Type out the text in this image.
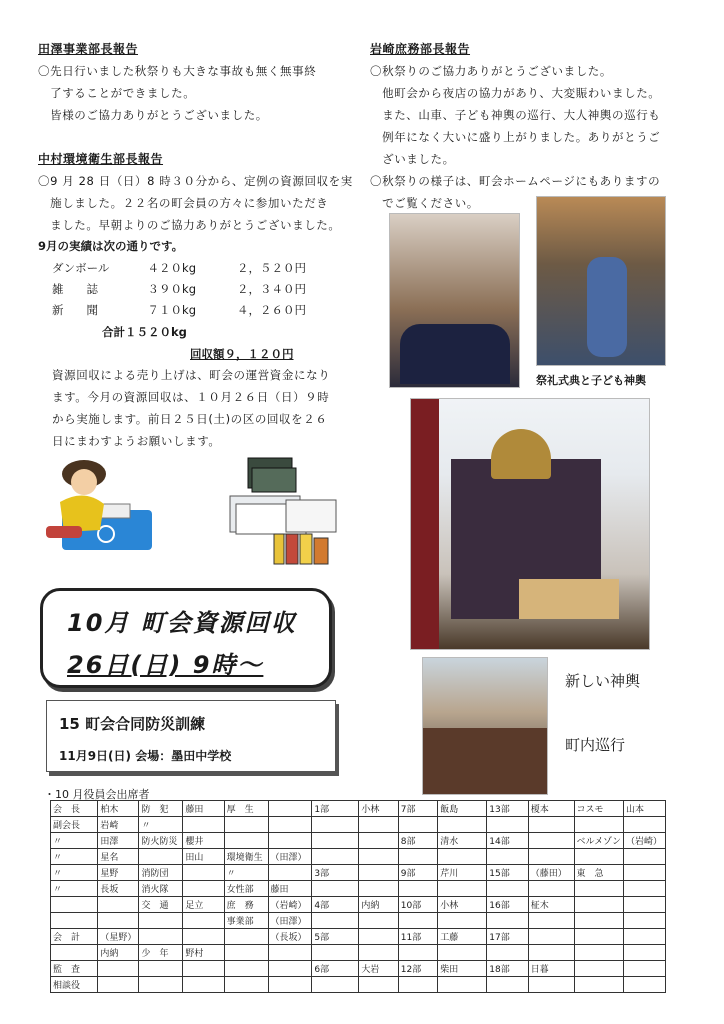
田澤事業部長報告
〇先日行いました秋祭りも大きな事故も無く無事終
　了することができました。
　皆様のご協力ありがとうございました。
中村環境衛生部長報告
〇9 月 28 日（日）8 時３０分から、定例の資源回収を実
　施しました。２２名の町会員の方々に参加いただき
　ました。早朝よりのご協力ありがとうございました。
9月の実績は次の通りです。
ダンボール	４２０kg	２，５２０円
雑　　誌	３９０kg	２，３４０円
新　　聞	７１０kg	４，２６０円
合計１５２０kg
回収額９，１２０円
資源回収による売り上げは、町会の運営資金になり
ます。今月の資源回収は、１０月２６日（日）９時
から実施します。前日２５日(土)の区の回収を２６
日にまわすようお願いします。
10月 町会資源回収
26日(日) 9時～
15 町会合同防災訓練
11月9日(日) 会場：墨田中学校
岩崎庶務部長報告
〇秋祭りのご協力ありがとうございました。
　他町会から夜店の協力があり、大変賑わいました。
　また、山車、子ども神輿の巡行、大人神輿の巡行も
　例年になく大いに盛り上がりました。ありがとうご
　ざいました。
〇秋祭りの様子は、町会ホームページにもありますの
　でご覧ください。
祭礼式典と子ども神輿
新しい神輿
町内巡行
・10 月役員会出席者
会　長	柏木	防　犯	藤田	厚　生		1部	小林	7部	飯島	13部	榎本	コスモ	山本
副会長	岩崎	〃											
〃	田澤	防火防災	櫻井					8部	清水	14部		ベルメゾン	（岩崎）
〃	星名		田山	環境衛生	（田澤）								
〃	星野	消防団		〃		3部		9部	芹川	15部	（藤田）	東　急	
〃	長坂	消火隊		女性部	藤田								
		交　通	足立	庶　務	（岩崎）	4部	内納	10部	小林	16部	柾木		
				事業部	（田澤）								
会　計	（星野）				（長坂）	5部		11部	工藤	17部			
	内納	少　年	野村										
監　査						6部	大岩	12部	柴田	18部	日暮		
相談役													
